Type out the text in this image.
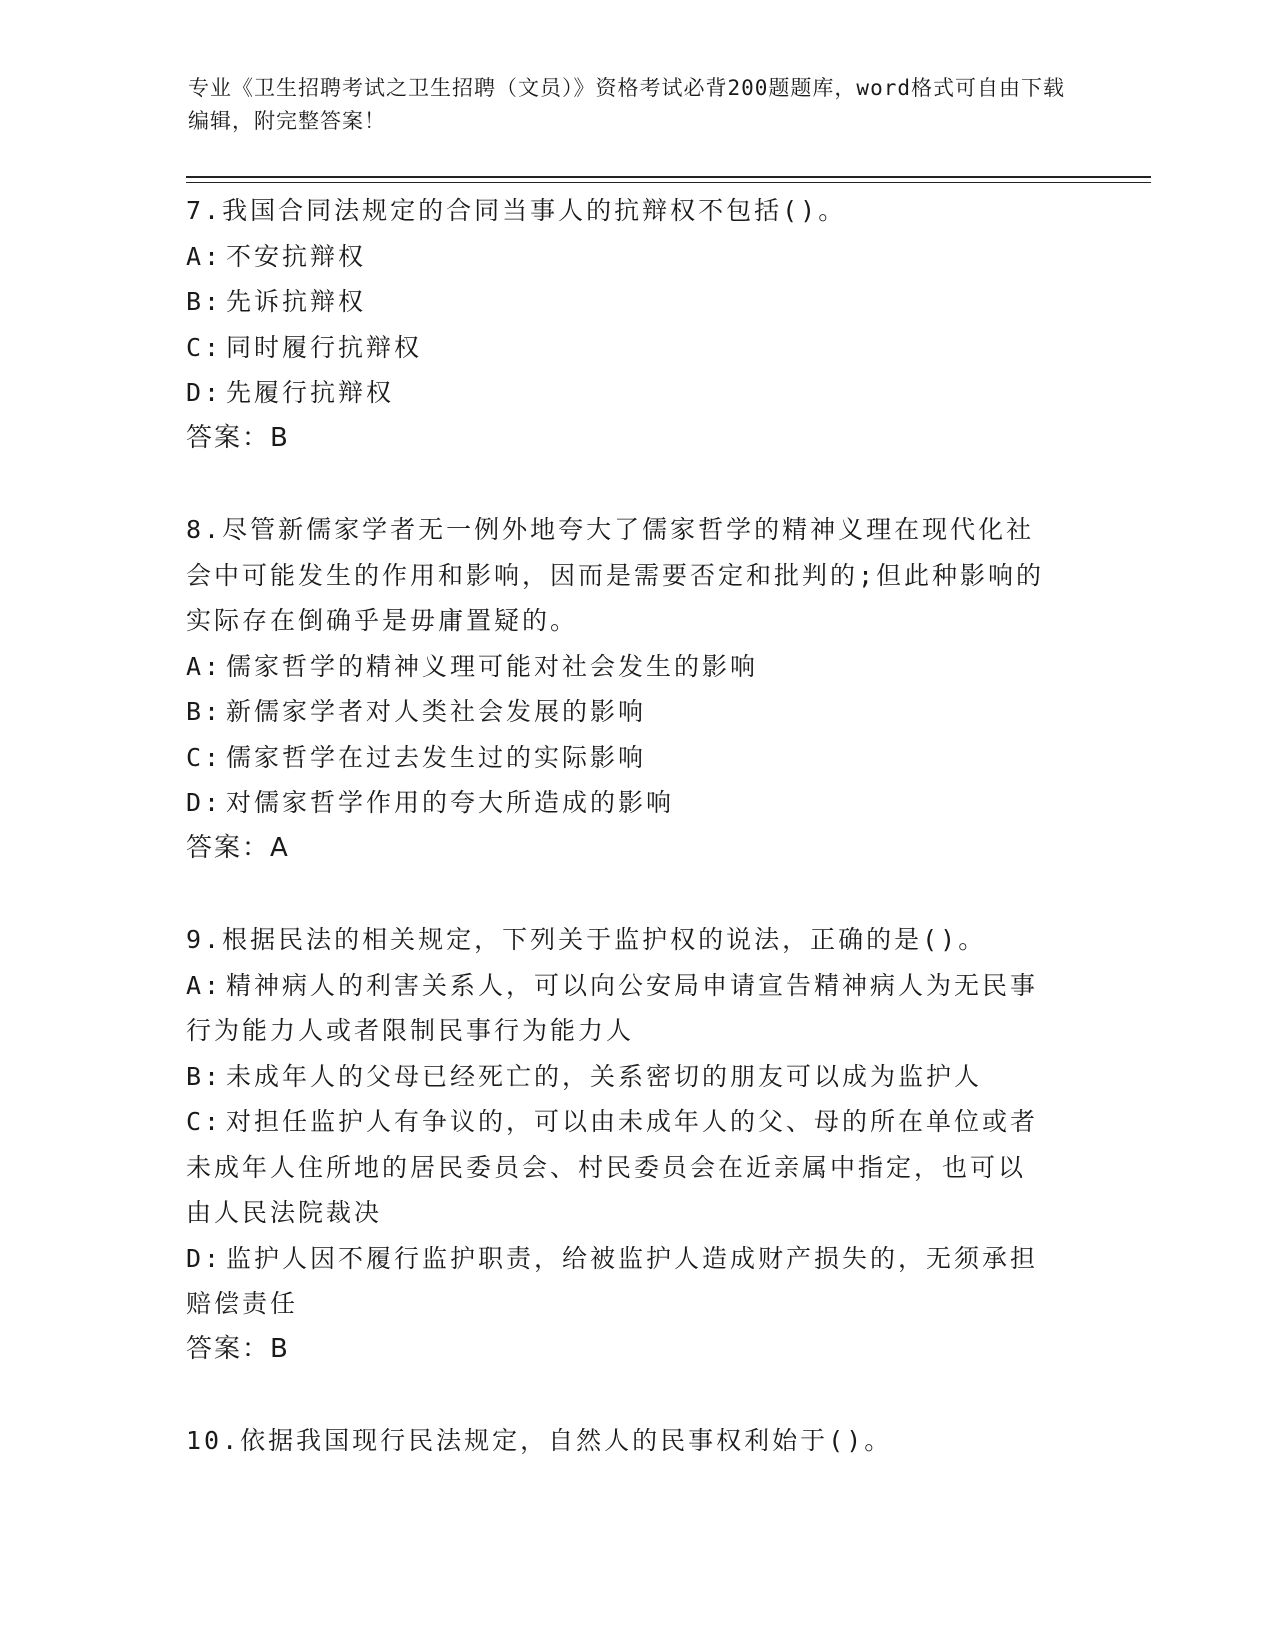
专业《卫生招聘考试之卫生招聘（文员）》资格考试必背200题题库，word格式可自由下载编辑，附完整答案！

7.我国合同法规定的合同当事人的抗辩权不包括()。

A: 不安抗辩权

B: 先诉抗辩权

C: 同时履行抗辩权

D: 先履行抗辩权

答案：B

8.尽管新儒家学者无一例外地夸大了儒家哲学的精神义理在现代化社

会中可能发生的作用和影响，因而是需要否定和批判的;但此种影响的

实际存在倒确乎是毋庸置疑的。

A: 儒家哲学的精神义理可能对社会发生的影响

B: 新儒家学者对人类社会发展的影响

C: 儒家哲学在过去发生过的实际影响

D: 对儒家哲学作用的夸大所造成的影响

答案：A

9.根据民法的相关规定，下列关于监护权的说法，正确的是()。

A: 精神病人的利害关系人，可以向公安局申请宣告精神病人为无民事

行为能力人或者限制民事行为能力人

B: 未成年人的父母已经死亡的，关系密切的朋友可以成为监护人

C: 对担任监护人有争议的，可以由未成年人的父、母的所在单位或者

未成年人住所地的居民委员会、村民委员会在近亲属中指定，也可以

由人民法院裁决

D: 监护人因不履行监护职责，给被监护人造成财产损失的，无须承担

赔偿责任

答案：B

10.依据我国现行民法规定，自然人的民事权利始于()。
